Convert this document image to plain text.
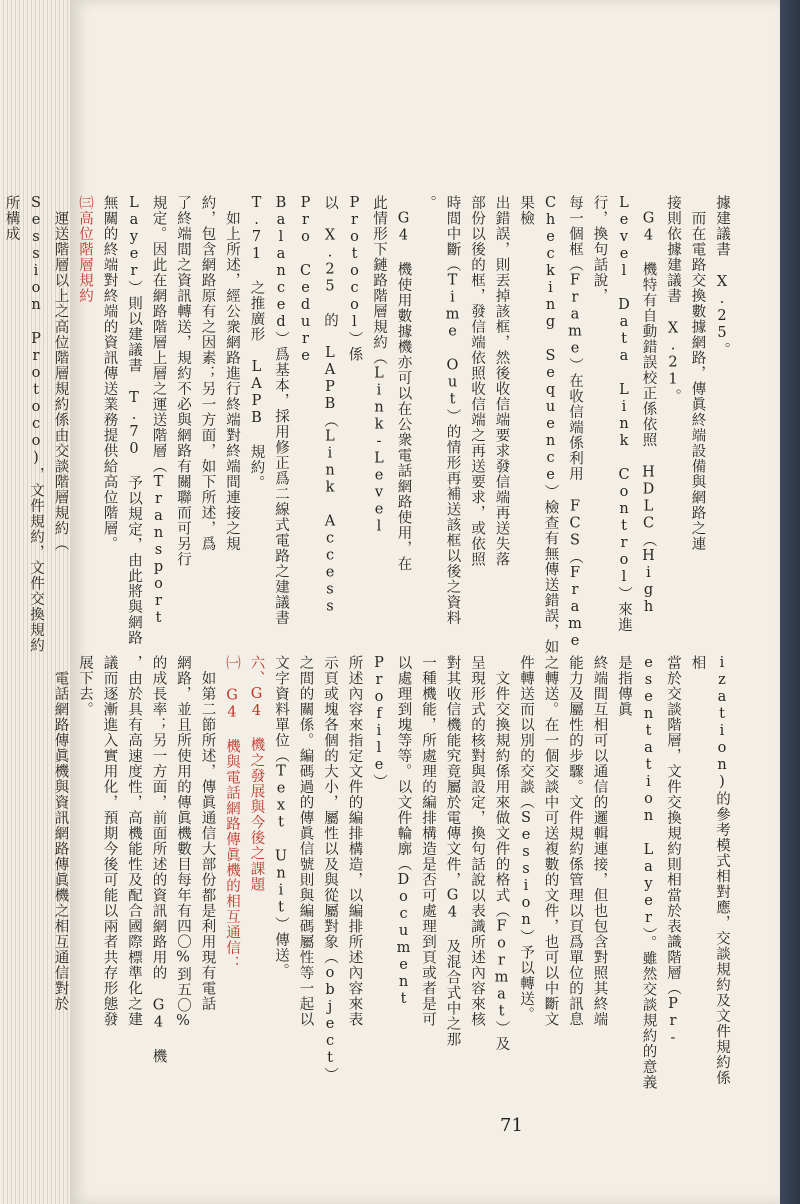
據建議書 X.25。

　而在電路交換數據網路，傳眞終端設備與網路之連

接則依據建議書 X.21。

　G4 機特有自動錯誤校正係依照 HDLC（High

Level Data Link Control）來進行，換句話說，

每一個框（Frame）在收信端係利用 FCS（Frame

Checking Sequence）檢查有無傳送錯誤，如果檢

出錯誤，則丟掉該框，然後收信端要求發信端再送失落

部份以後的框，發信端依照收信端之再送要求，或依照

時間中斷（Time Out）的情形再補送該框以後之資料

。

　G4 機使用數據機亦可以在公衆電話網路使用，在

此情形下鏈路階層規約（Link-Level Protocol）係

以 X.25 的 LAPB（Link Access Pro Cedure

Balanced）爲基本，採用修正爲二線式電路之建議書

T.71 之推廣形 LAPB 規約。

　如上所述，經公衆網路進行終端對終端間連接之規

約，包含網路原有之因素；另一方面，如下所述，爲

了終端間之資訊轉送，規約不必與網路有關聯而可另行

規定。因此在網路階層上層之運送階層（Transport

Layer）則以建議書 T.70 予以規定，由此將與網路

無關的終端對終端的資訊傳送業務提供給高位階層。

㈢高位階層規約

　運送階層以上之高位階層規約係由交談階層規約（

Session Protoco)，文件規約，文件交換規約所構成

ization)的參考模式相對應，交談規約及文件規約係相

當於交談階層，文件交換規約則相當於表識階層（Pr-

esentation Layer）。雖然交談規約的意義是指傳眞

終端間互相可以通信的邏輯連接，但也包含對照其終端

能力及屬性的步驟。文件規約係管理以頁爲單位的訊息

之轉送。在一個交談中可送複數的文件，也可以中斷文

件轉送而以別的交談（Session）予以轉送。

　文件交換規約係用來做文件的格式（Format）及

呈現形式的核對與設定，換句話說以表識所述內容來核

對其收信機能究竟屬於電傳文件，G4 及混合式中之那

一種機能，所處理的編排構造是否可處理到頁或者是可

以處理到塊等等。以文件輪廓（Document Profile）

所述內容來指定文件的編排構造，以編排所述內容來表

示頁或塊各個的大小，屬性以及與從屬對象（object）

之間的關係。編碼過的傳眞信號則與編碼屬性等一起以

文字資料單位（Text Unit）傳送。

六、G4 機之發展與今後之課題

㈠ G4 機與電話網路傳眞機的相互通信：

　如第二節所述，傳眞通信大部份都是利用現有電話

網路，並且所使用的傳眞機數目每年有四〇%到五〇%

的成長率；另一方面，前面所述的資訊網路用的 G4 機

，由於具有高速度性，高機能性及配合國際標準化之建

議而逐漸進入實用化，預期今後可能以兩者共存形態發

展下去。

　電話網路傳眞機與資訊網路傳眞機之相互通信對於

71
